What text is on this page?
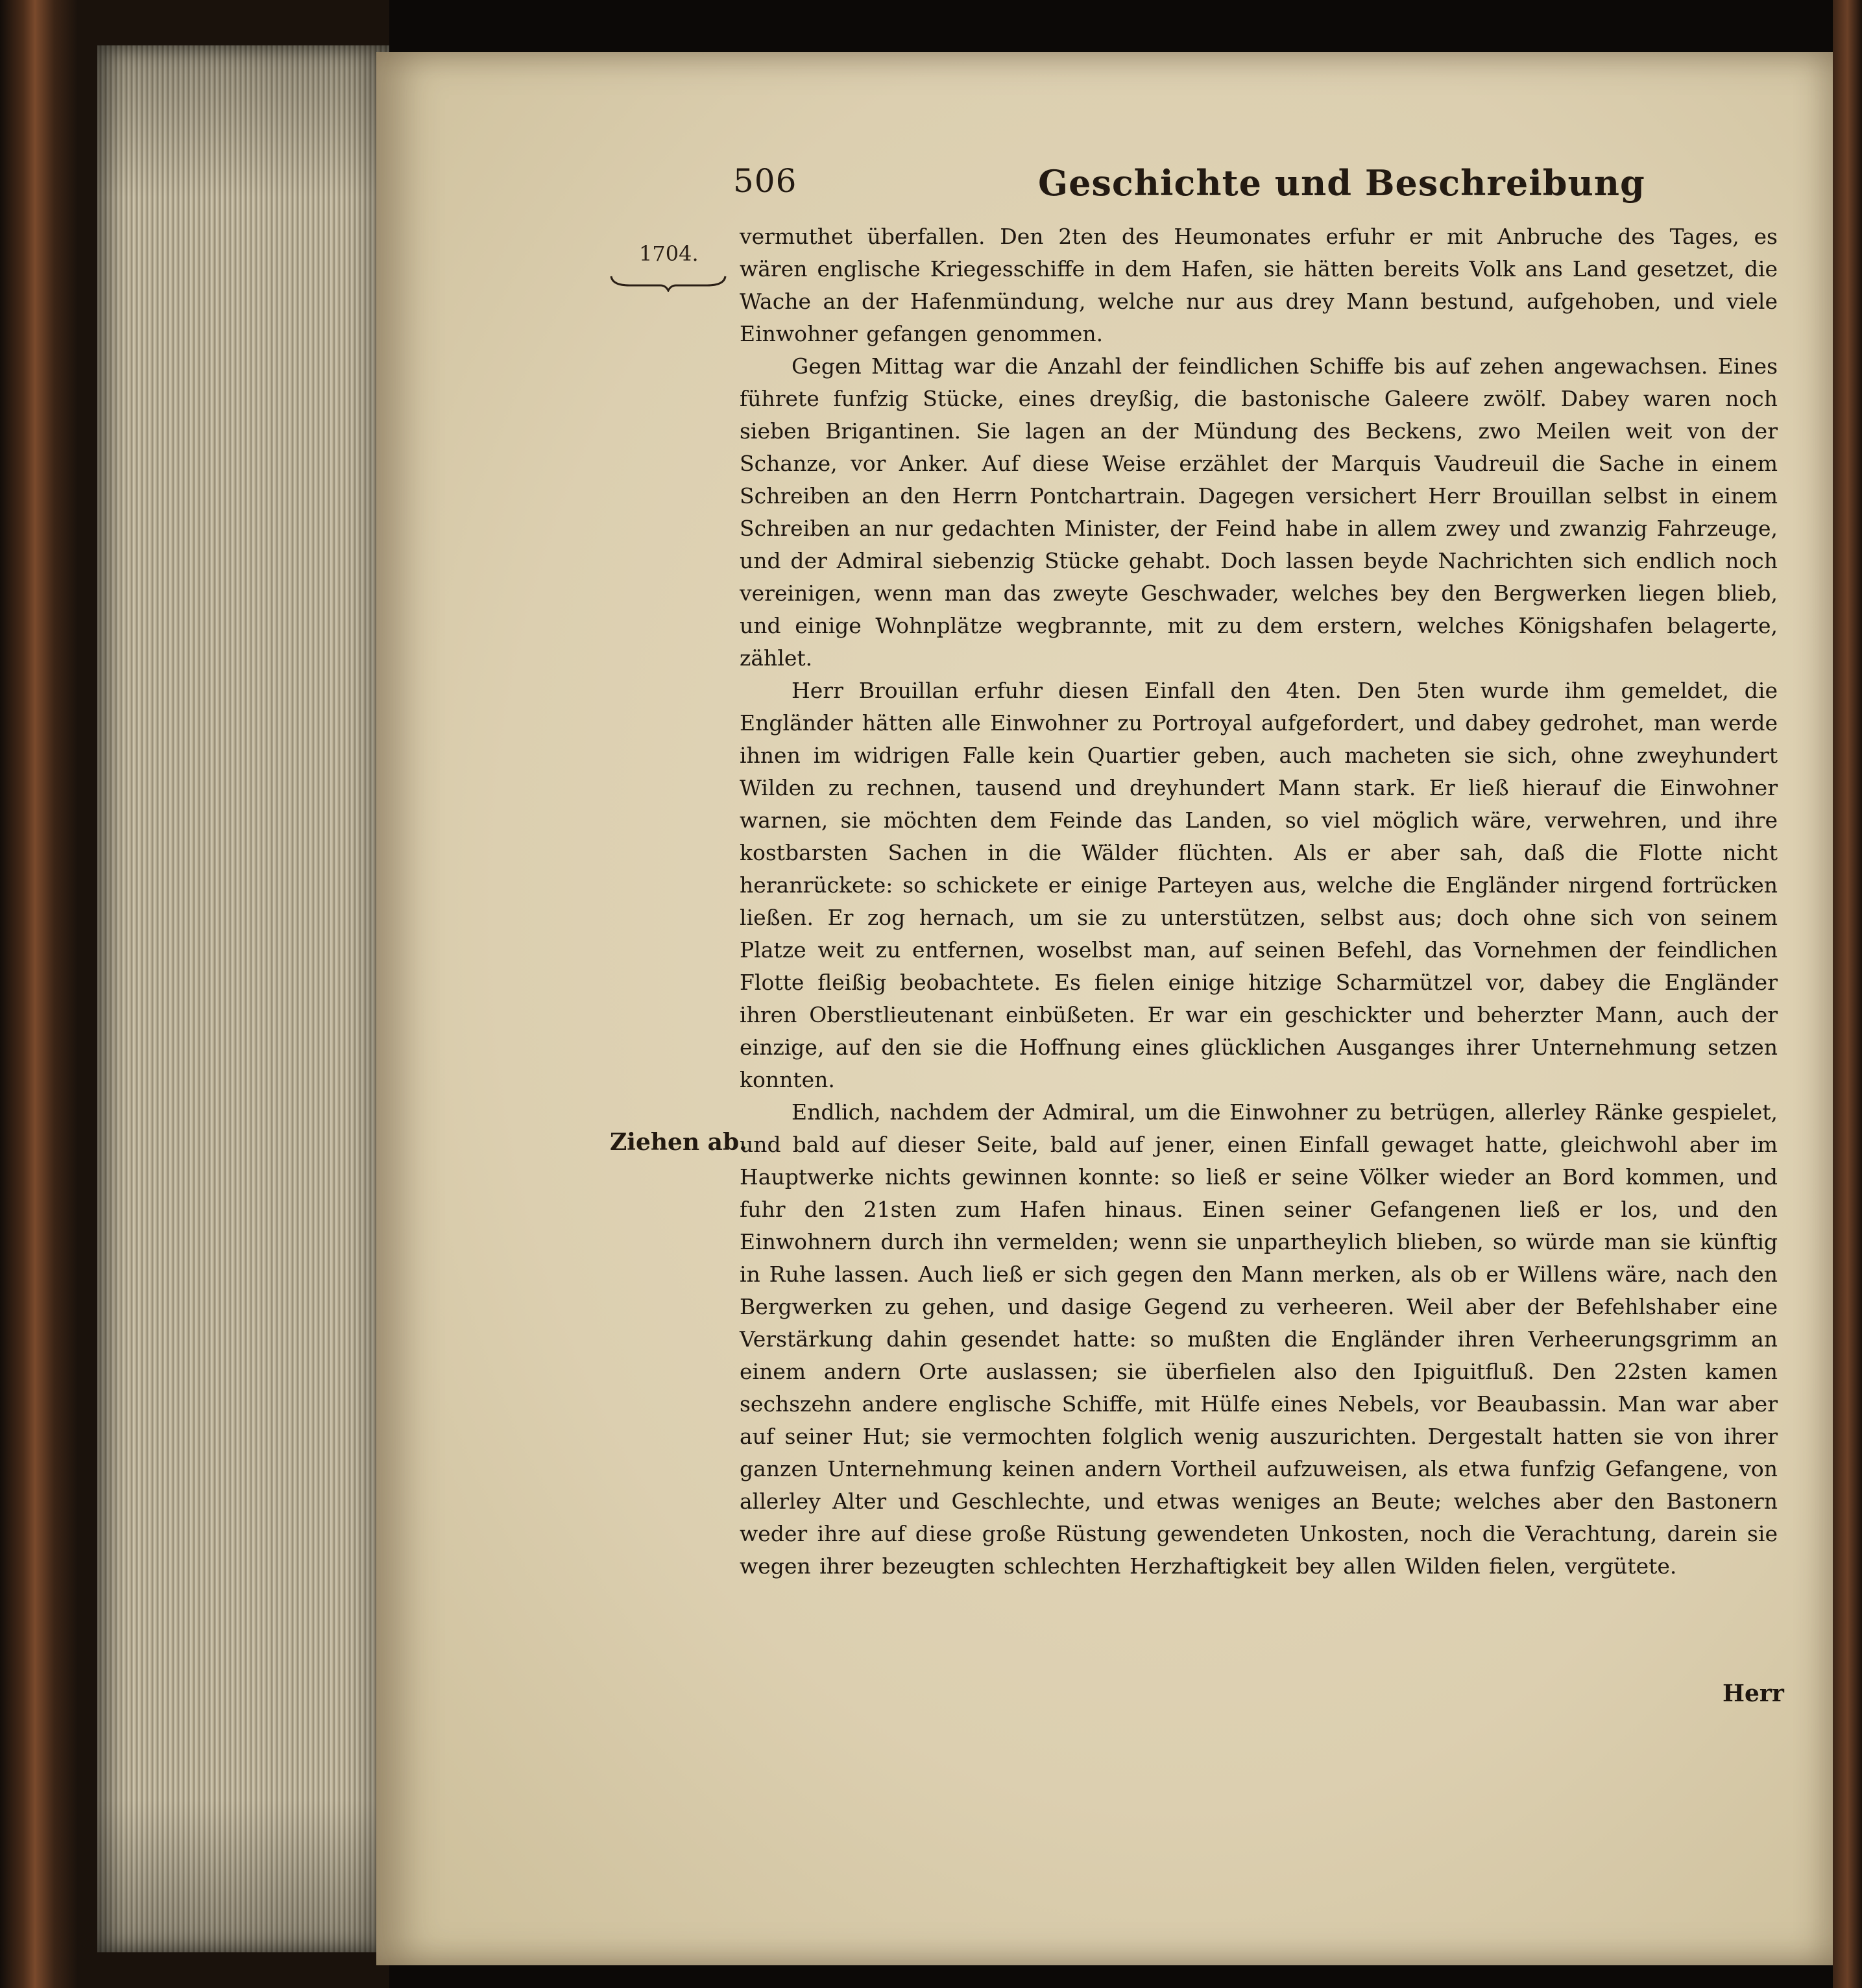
506	Geschichte und Beschreibung
1704.
Ziehen ab.

vermuthet überfallen. Den 2ten des Heumonates erfuhr er mit Anbruche des Tages, es wären englische Kriegesschiffe in dem Hafen, sie hätten bereits Volk ans Land gesetzet, die Wache an der Hafenmündung, welche nur aus drey Mann bestund, aufgehoben, und viele Einwohner gefangen genommen.

Gegen Mittag war die Anzahl der feindlichen Schiffe bis auf zehen angewachsen. Eines führete funfzig Stücke, eines dreyßig, die bastonische Galeere zwölf. Dabey waren noch sieben Brigantinen. Sie lagen an der Mündung des Beckens, zwo Meilen weit von der Schanze, vor Anker. Auf diese Weise erzählet der Marquis Vaudreuil die Sache in einem Schreiben an den Herrn Pontchartrain. Dagegen versichert Herr Brouillan selbst in einem Schreiben an nur gedachten Minister, der Feind habe in allem zwey und zwanzig Fahrzeuge, und der Admiral siebenzig Stücke gehabt. Doch lassen beyde Nachrichten sich endlich noch vereinigen, wenn man das zweyte Geschwader, welches bey den Bergwerken liegen blieb, und einige Wohnplätze wegbrannte, mit zu dem erstern, welches Königshafen belagerte, zählet.

Herr Brouillan erfuhr diesen Einfall den 4ten. Den 5ten wurde ihm gemeldet, die Engländer hätten alle Einwohner zu Portroyal aufgefordert, und dabey gedrohet, man werde ihnen im widrigen Falle kein Quartier geben, auch macheten sie sich, ohne zweyhundert Wilden zu rechnen, tausend und dreyhundert Mann stark. Er ließ hierauf die Einwohner warnen, sie möchten dem Feinde das Landen, so viel möglich wäre, verwehren, und ihre kostbarsten Sachen in die Wälder flüchten. Als er aber sah, daß die Flotte nicht heranrückete: so schickete er einige Parteyen aus, welche die Engländer nirgend fortrücken ließen. Er zog hernach, um sie zu unterstützen, selbst aus; doch ohne sich von seinem Platze weit zu entfernen, woselbst man, auf seinen Befehl, das Vornehmen der feindlichen Flotte fleißig beobachtete. Es fielen einige hitzige Scharmützel vor, dabey die Engländer ihren Oberstlieutenant einbüßeten. Er war ein geschickter und beherzter Mann, auch der einzige, auf den sie die Hoffnung eines glücklichen Ausganges ihrer Unternehmung setzen konnten.

Endlich, nachdem der Admiral, um die Einwohner zu betrügen, allerley Ränke gespielet, und bald auf dieser Seite, bald auf jener, einen Einfall gewaget hatte, gleichwohl aber im Hauptwerke nichts gewinnen konnte: so ließ er seine Völker wieder an Bord kommen, und fuhr den 21sten zum Hafen hinaus. Einen seiner Gefangenen ließ er los, und den Einwohnern durch ihn vermelden; wenn sie unpartheylich blieben, so würde man sie künftig in Ruhe lassen. Auch ließ er sich gegen den Mann merken, als ob er Willens wäre, nach den Bergwerken zu gehen, und dasige Gegend zu verheeren. Weil aber der Befehlshaber eine Verstärkung dahin gesendet hatte: so mußten die Engländer ihren Verheerungsgrimm an einem andern Orte auslassen; sie überfielen also den Ipiguitfluß. Den 22sten kamen sechszehn andere englische Schiffe, mit Hülfe eines Nebels, vor Beaubassin. Man war aber auf seiner Hut; sie vermochten folglich wenig auszurichten. Dergestalt hatten sie von ihrer ganzen Unternehmung keinen andern Vortheil aufzuweisen, als etwa funfzig Gefangene, von allerley Alter und Geschlechte, und etwas weniges an Beute; welches aber den Bastonern weder ihre auf diese große Rüstung gewendeten Unkosten, noch die Verachtung, darein sie wegen ihrer bezeugten schlechten Herzhaftigkeit bey allen Wilden fielen, vergütete.

Herr
